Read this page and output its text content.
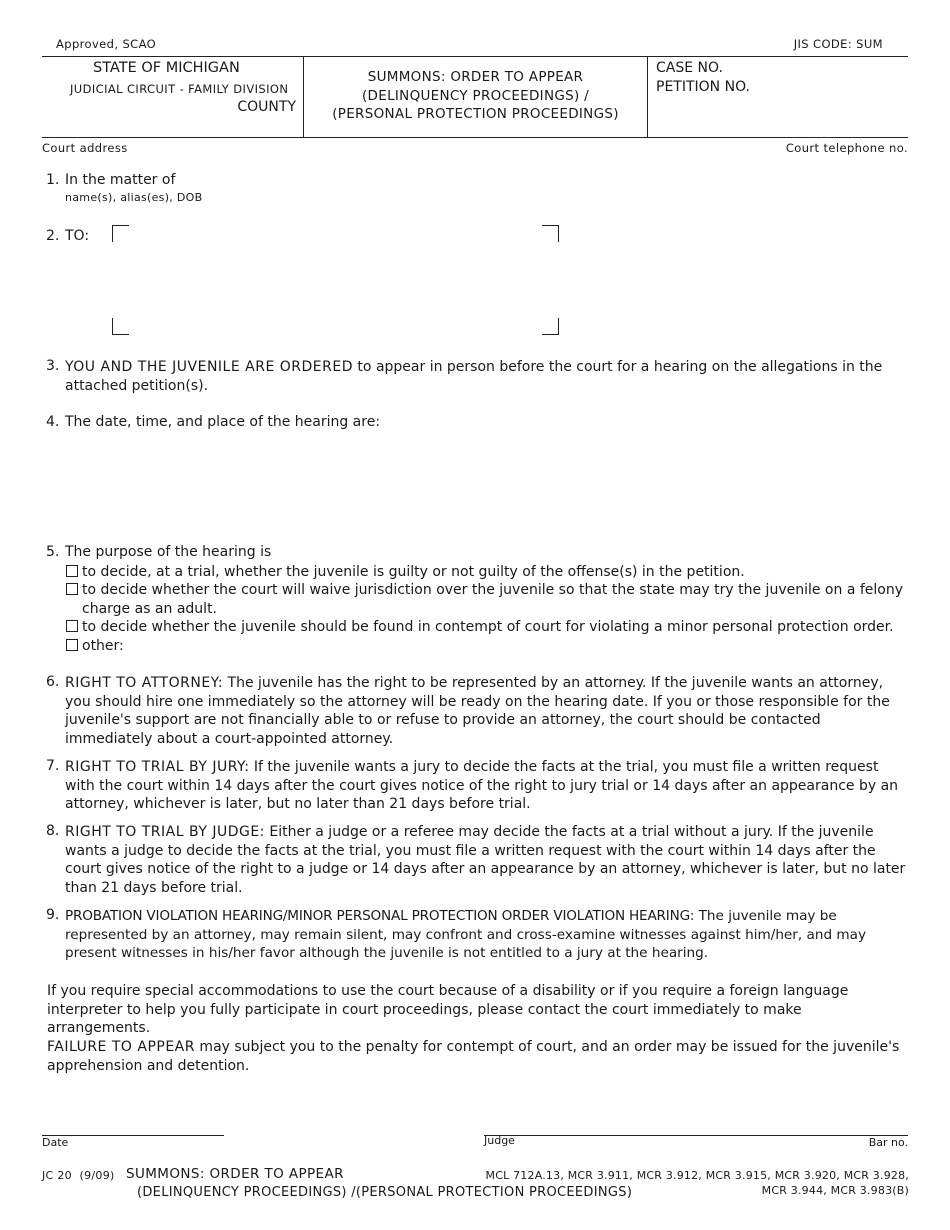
Approved, SCAO	JIS CODE: SUM
STATE OF MICHIGAN
JUDICIAL CIRCUIT - FAMILY DIVISION
COUNTY
SUMMONS: ORDER TO APPEAR
(DELINQUENCY PROCEEDINGS) /
(PERSONAL PROTECTION PROCEEDINGS)
CASE NO.
PETITION NO.
Court address	Court telephone no.
1. In the matter of
name(s), alias(es), DOB
2. TO:
3. YOU AND THE JUVENILE ARE ORDERED to appear in person before the court for a hearing on the allegations in the attached petition(s).
4. The date, time, and place of the hearing are:
5. The purpose of the hearing is
to decide, at a trial, whether the juvenile is guilty or not guilty of the offense(s) in the petition.
to decide whether the court will waive jurisdiction over the juvenile so that the state may try the juvenile on a felony charge as an adult.
to decide whether the juvenile should be found in contempt of court for violating a minor personal protection order.
other:
6. RIGHT TO ATTORNEY: The juvenile has the right to be represented by an attorney. If the juvenile wants an attorney, you should hire one immediately so the attorney will be ready on the hearing date. If you or those responsible for the juvenile's support are not financially able to or refuse to provide an attorney, the court should be contacted immediately about a court-appointed attorney.
7. RIGHT TO TRIAL BY JURY: If the juvenile wants a jury to decide the facts at the trial, you must file a written request with the court within 14 days after the court gives notice of the right to jury trial or 14 days after an appearance by an attorney, whichever is later, but no later than 21 days before trial.
8. RIGHT TO TRIAL BY JUDGE: Either a judge or a referee may decide the facts at a trial without a jury. If the juvenile wants a judge to decide the facts at the trial, you must file a written request with the court within 14 days after the court gives notice of the right to a judge or 14 days after an appearance by an attorney, whichever is later, but no later than 21 days before trial.
9. PROBATION VIOLATION HEARING/MINOR PERSONAL PROTECTION ORDER VIOLATION HEARING: The juvenile may be represented by an attorney, may remain silent, may confront and cross-examine witnesses against him/her, and may present witnesses in his/her favor although the juvenile is not entitled to a jury at the hearing.
If you require special accommodations to use the court because of a disability or if you require a foreign language interpreter to help you fully participate in court proceedings, please contact the court immediately to make arrangements.
FAILURE TO APPEAR may subject you to the penalty for contempt of court, and an order may be issued for the juvenile's apprehension and detention.
Date	Judge	Bar no.
JC 20 (9/09) SUMMONS: ORDER TO APPEAR
(DELINQUENCY PROCEEDINGS) /(PERSONAL PROTECTION PROCEEDINGS)
MCL 712A.13, MCR 3.911, MCR 3.912, MCR 3.915, MCR 3.920, MCR 3.928,
MCR 3.944, MCR 3.983(B)
